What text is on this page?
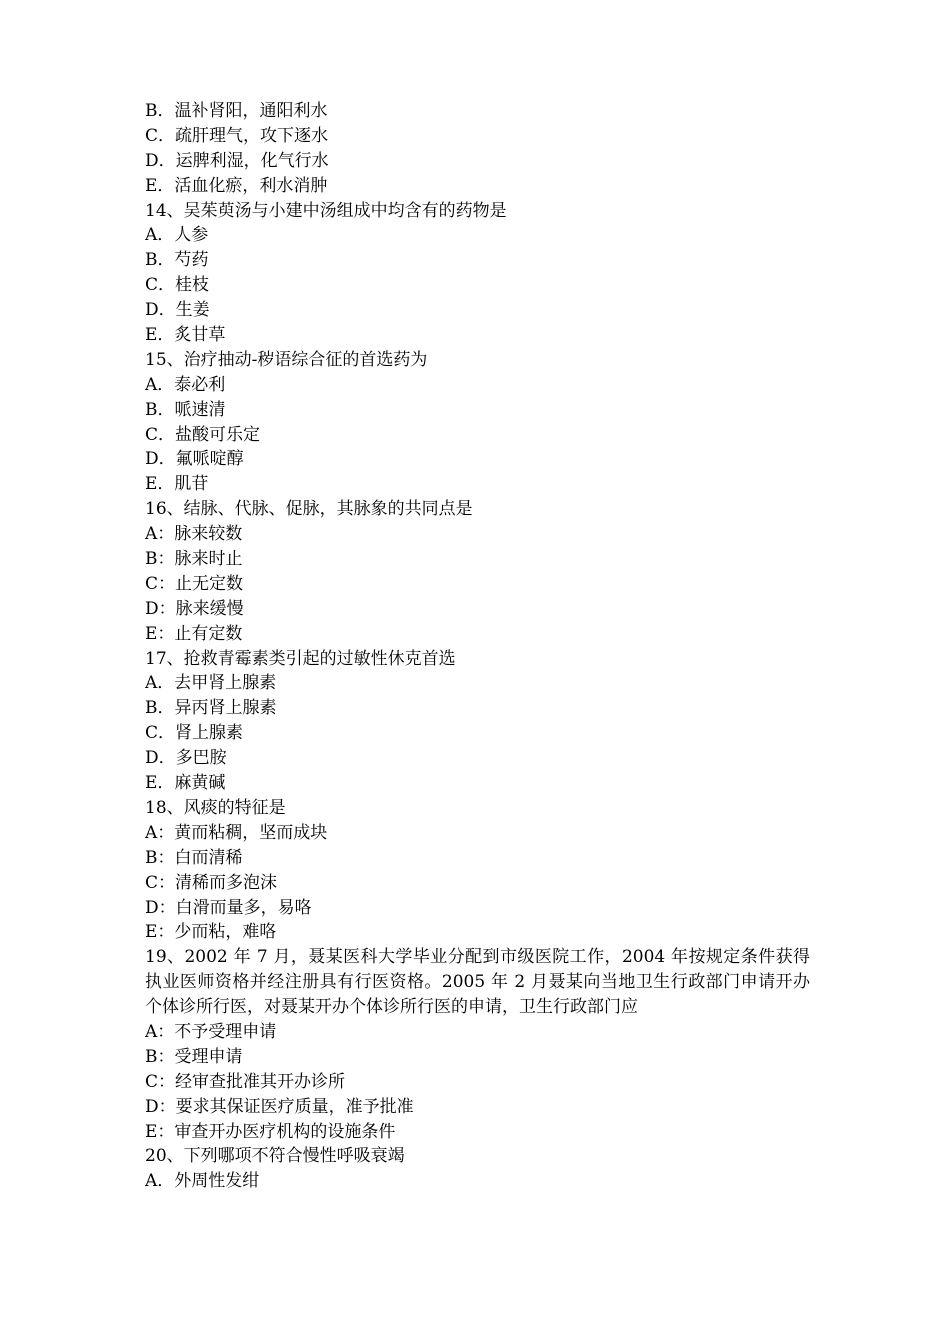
B．温补肾阳，通阳利水
C．疏肝理气，攻下逐水
D．运脾利湿，化气行水
E．活血化瘀，利水消肿
14、吴茱萸汤与小建中汤组成中均含有的药物是
A．人参
B．芍药
C．桂枝
D．生姜
E．炙甘草
15、治疗抽动-秽语综合征的首选药为
A．泰必利
B．哌速清
C．盐酸可乐定
D．氟哌啶醇
E．肌苷
16、结脉、代脉、促脉，其脉象的共同点是
A：脉来较数
B：脉来时止
C：止无定数
D：脉来缓慢
E：止有定数
17、抢救青霉素类引起的过敏性休克首选
A．去甲肾上腺素
B．异丙肾上腺素
C．肾上腺素
D．多巴胺
E．麻黄碱
18、风痰的特征是
A：黄而粘稠，坚而成块
B：白而清稀
C：清稀而多泡沫
D：白滑而量多，易咯
E：少而粘，难咯
19、2002 年 7 月，聂某医科大学毕业分配到市级医院工作，2004 年按规定条件获得执业医师资格并经注册具有行医资格。2005 年 2 月聂某向当地卫生行政部门申请开办个体诊所行医，对聂某开办个体诊所行医的申请，卫生行政部门应
A：不予受理申请
B：受理申请
C：经审查批准其开办诊所
D：要求其保证医疗质量，准予批准
E：审查开办医疗机构的设施条件
20、下列哪项不符合慢性呼吸衰竭
A．外周性发绀
